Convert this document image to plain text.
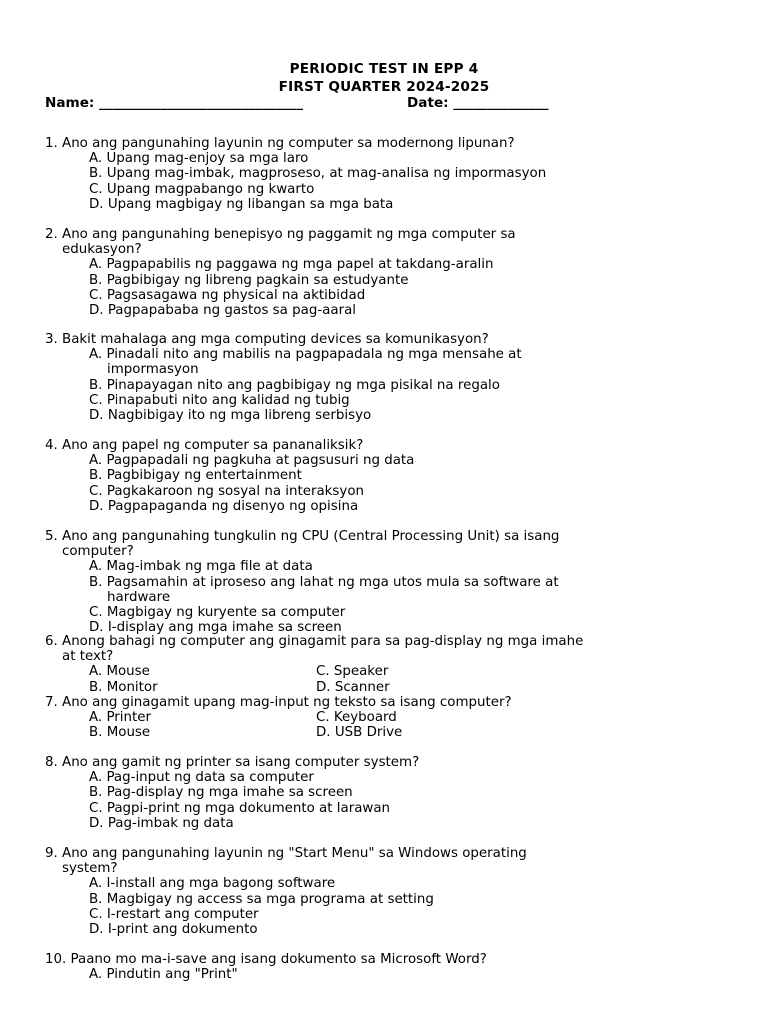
PERIODIC TEST IN EPP 4
FIRST QUARTER 2024-2025
Name: ______________________________	Date: ______________

1. Ano ang pangunahing layunin ng computer sa modernong lipunan?

A. Upang mag-enjoy sa mga laro

B. Upang mag-imbak, magproseso, at mag-analisa ng impormasyon

C. Upang magpabango ng kwarto

D. Upang magbigay ng libangan sa mga bata

2. Ano ang pangunahing benepisyo ng paggamit ng mga computer sa edukasyon?

A. Pagpapabilis ng paggawa ng mga papel at takdang-aralin

B. Pagbibigay ng libreng pagkain sa estudyante

C. Pagsasagawa ng physical na aktibidad

D. Pagpapababa ng gastos sa pag-aaral

3. Bakit mahalaga ang mga computing devices sa komunikasyon?

A. Pinadali nito ang mabilis na pagpapadala ng mga mensahe at impormasyon

B. Pinapayagan nito ang pagbibigay ng mga pisikal na regalo

C. Pinapabuti nito ang kalidad ng tubig

D. Nagbibigay ito ng mga libreng serbisyo

4. Ano ang papel ng computer sa pananaliksik?

A. Pagpapadali ng pagkuha at pagsusuri ng data

B. Pagbibigay ng entertainment

C. Pagkakaroon ng sosyal na interaksyon

D. Pagpapaganda ng disenyo ng opisina

5. Ano ang pangunahing tungkulin ng CPU (Central Processing Unit) sa isang computer?

A. Mag-imbak ng mga file at data

B. Pagsamahin at iproseso ang lahat ng mga utos mula sa software at hardware

C. Magbigay ng kuryente sa computer

D. I-display ang mga imahe sa screen

6. Anong bahagi ng computer ang ginagamit para sa pag-display ng mga imahe at text?

A. Mouse	C. Speaker

B. Monitor	D. Scanner

7. Ano ang ginagamit upang mag-input ng teksto sa isang computer?

A. Printer	C. Keyboard

B. Mouse	D. USB Drive

8. Ano ang gamit ng printer sa isang computer system?

A. Pag-input ng data sa computer

B. Pag-display ng mga imahe sa screen

C. Pagpi-print ng mga dokumento at larawan

D. Pag-imbak ng data

9. Ano ang pangunahing layunin ng "Start Menu" sa Windows operating system?

A. I-install ang mga bagong software

B. Magbigay ng access sa mga programa at setting

C. I-restart ang computer

D. I-print ang dokumento

10. Paano mo ma-i-save ang isang dokumento sa Microsoft Word?

A. Pindutin ang "Print"
